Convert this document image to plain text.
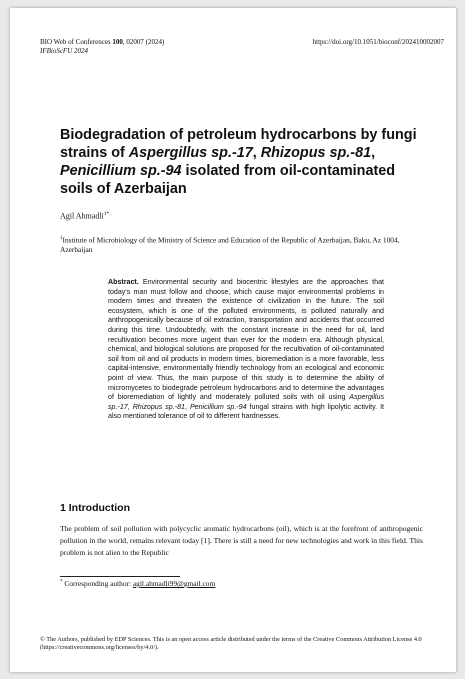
BIO Web of Conferences 100, 02007 (2024)
IFBioScFU 2024
https://doi.org/10.1051/bioconf/202410002007
Biodegradation of petroleum hydrocarbons by fungi strains of Aspergillus sp.-17, Rhizopus sp.-81, Penicillium sp.-94 isolated from oil-contaminated soils of Azerbaijan
Agil Ahmadli$^{1*}$
$^1$Institute of Microbiology of the Ministry of Science and Education of the Republic of Azerbaijan, Baku, Az 1004, Azerbaijan
Abstract. Environmental security and biocentric lifestyles are the approaches that today's man must follow and choose, which cause major environmental problems in modern times and threaten the existence of civilization in the future. The soil ecosystem, which is one of the polluted environments, is polluted naturally and anthropogenically because of oil extraction, transportation and accidents that occurred during this time. Undoubtedly, with the constant increase in the need for oil, land recultivation becomes more urgent than ever for the modern era. Although physical, chemical, and biological solutions are proposed for the recultivation of oil-contaminated soil from oil and oil products in modern times, bioremediation is a more favorable, less capital-intensive, environmentally friendly technology from an ecological and economic point of view. Thus, the main purpose of this study is to determine the ability of micromycetes to biodegrade petroleum hydrocarbons and to determine the advantages of bioremediation of lightly and moderately polluted soils with oil using Aspergillus sp.-17, Rhizopus sp.-81, Penicillium sp.-94 fungal strains with high lipolytic activity. It also mentioned tolerance of oil to different hardnesses.
1 Introduction
The problem of soil pollution with polycyclic aromatic hydrocarbons (oil), which is at the forefront of anthropogenic pollution in the world, remains relevant today [1]. There is still a need for new technologies and work in this field. This problem is not alien to the Republic
* Corresponding author: agil.ahmadli99@gmail.com
© The Authors, published by EDP Sciences. This is an open access article distributed under the terms of the Creative Commons Attribution License 4.0 (https://creativecommons.org/licenses/by/4.0/).
